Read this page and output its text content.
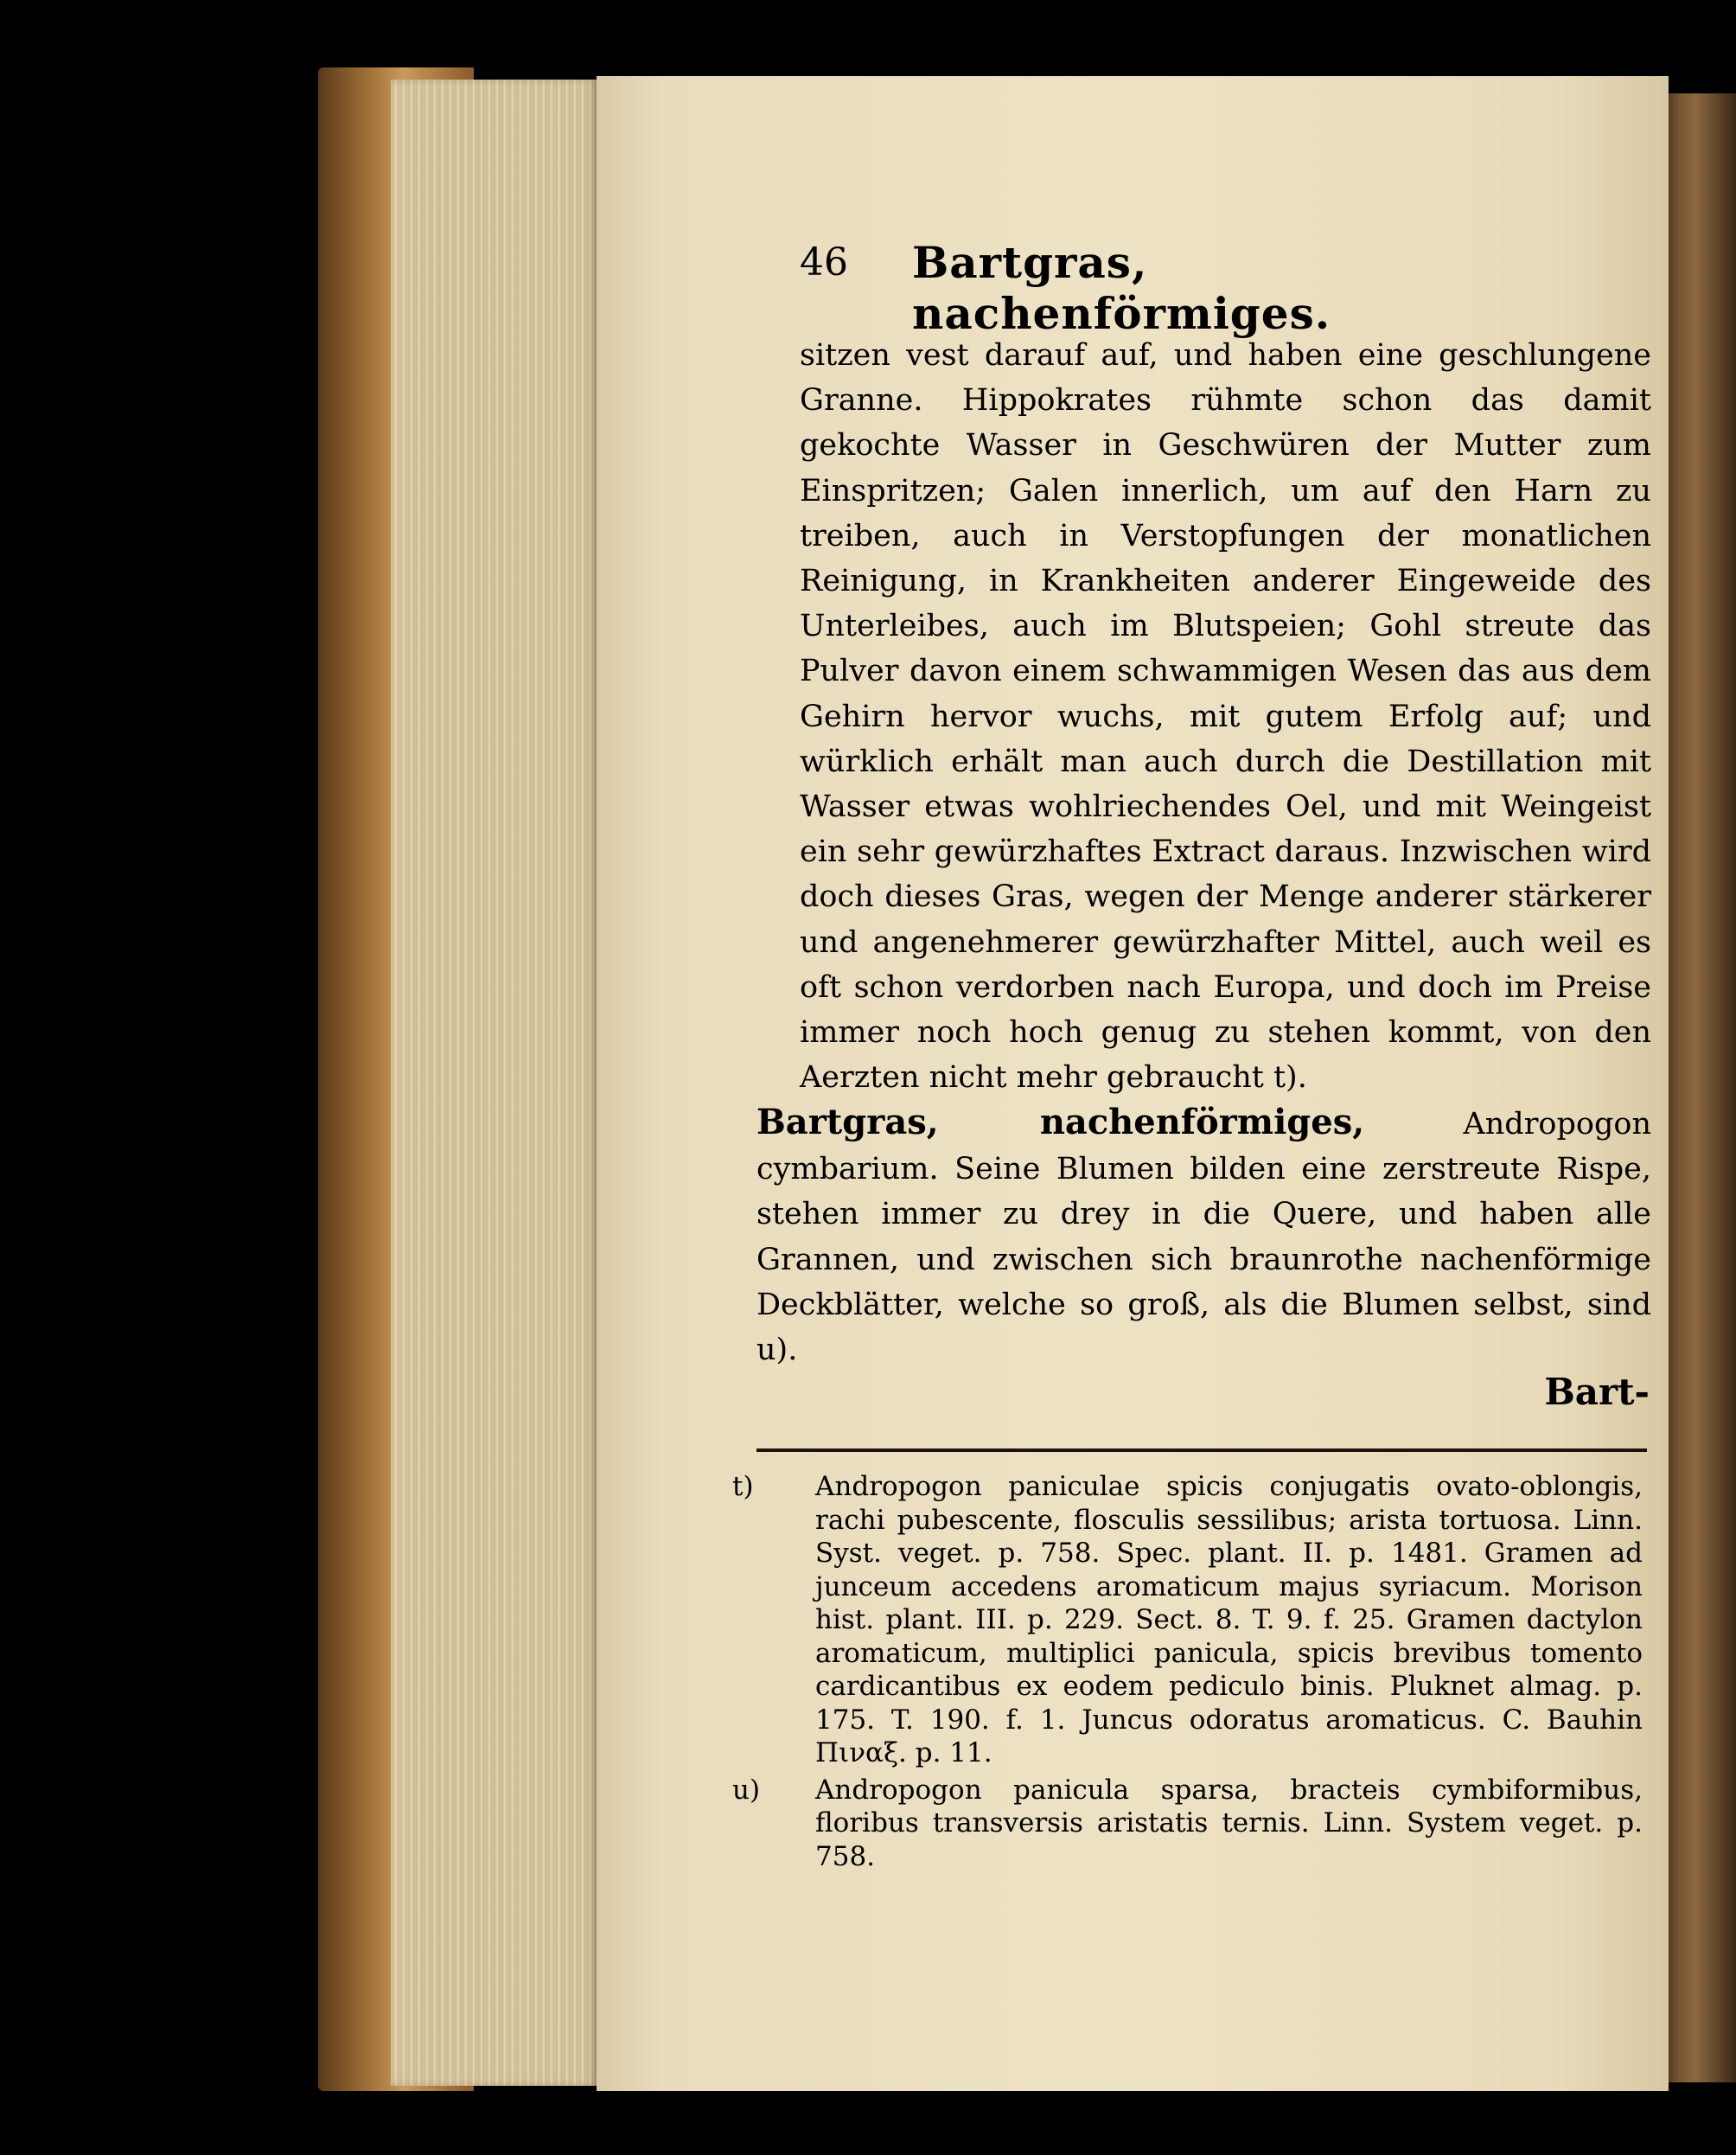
46 Bartgras, nachenförmiges.

sitzen vest darauf auf, und haben eine geschlungene Granne. Hippokrates rühmte schon das damit gekochte Wasser in Geschwüren der Mutter zum Einspritzen; Galen innerlich, um auf den Harn zu treiben, auch in Verstopfungen der monatlichen Reinigung, in Krankheiten anderer Eingeweide des Unterleibes, auch im Blutspeien; Gohl streute das Pulver davon einem schwammigen Wesen das aus dem Gehirn hervor wuchs, mit gutem Erfolg auf; und würklich erhält man auch durch die Destillation mit Wasser etwas wohlriechendes Oel, und mit Weingeist ein sehr gewürzhaftes Extract daraus. Inzwischen wird doch dieses Gras, wegen der Menge anderer stärkerer und angenehmerer gewürzhafter Mittel, auch weil es oft schon verdorben nach Europa, und doch im Preise immer noch hoch genug zu stehen kommt, von den Aerzten nicht mehr gebraucht t).

Bartgras, nachenförmiges, Andropogon cymbarium. Seine Blumen bilden eine zerstreute Rispe, stehen immer zu drey in die Quere, und haben alle Grannen, und zwischen sich braunrothe nachenförmige Deckblätter, welche so groß, als die Blumen selbst, sind u).
Bart-

t) Andropogon paniculae spicis conjugatis ovato-oblongis, rachi pubescente, flosculis sessilibus; arista tortuosa. Linn. Syst. veget. p. 758. Spec. plant. II. p. 1481. Gramen ad junceum accedens aromaticum majus syriacum. Morison hist. plant. III. p. 229. Sect. 8. T. 9. f. 25. Gramen dactylon aromaticum, multiplici panicula, spicis brevibus tomento cardicantibus ex eodem pediculo binis. Pluknet almag. p. 175. T. 190. f. 1. Juncus odoratus aromaticus. C. Bauhin Πιναξ. p. 11.

u) Andropogon panicula sparsa, bracteis cymbiformibus, floribus transversis aristatis ternis. Linn. System veget. p. 758.
